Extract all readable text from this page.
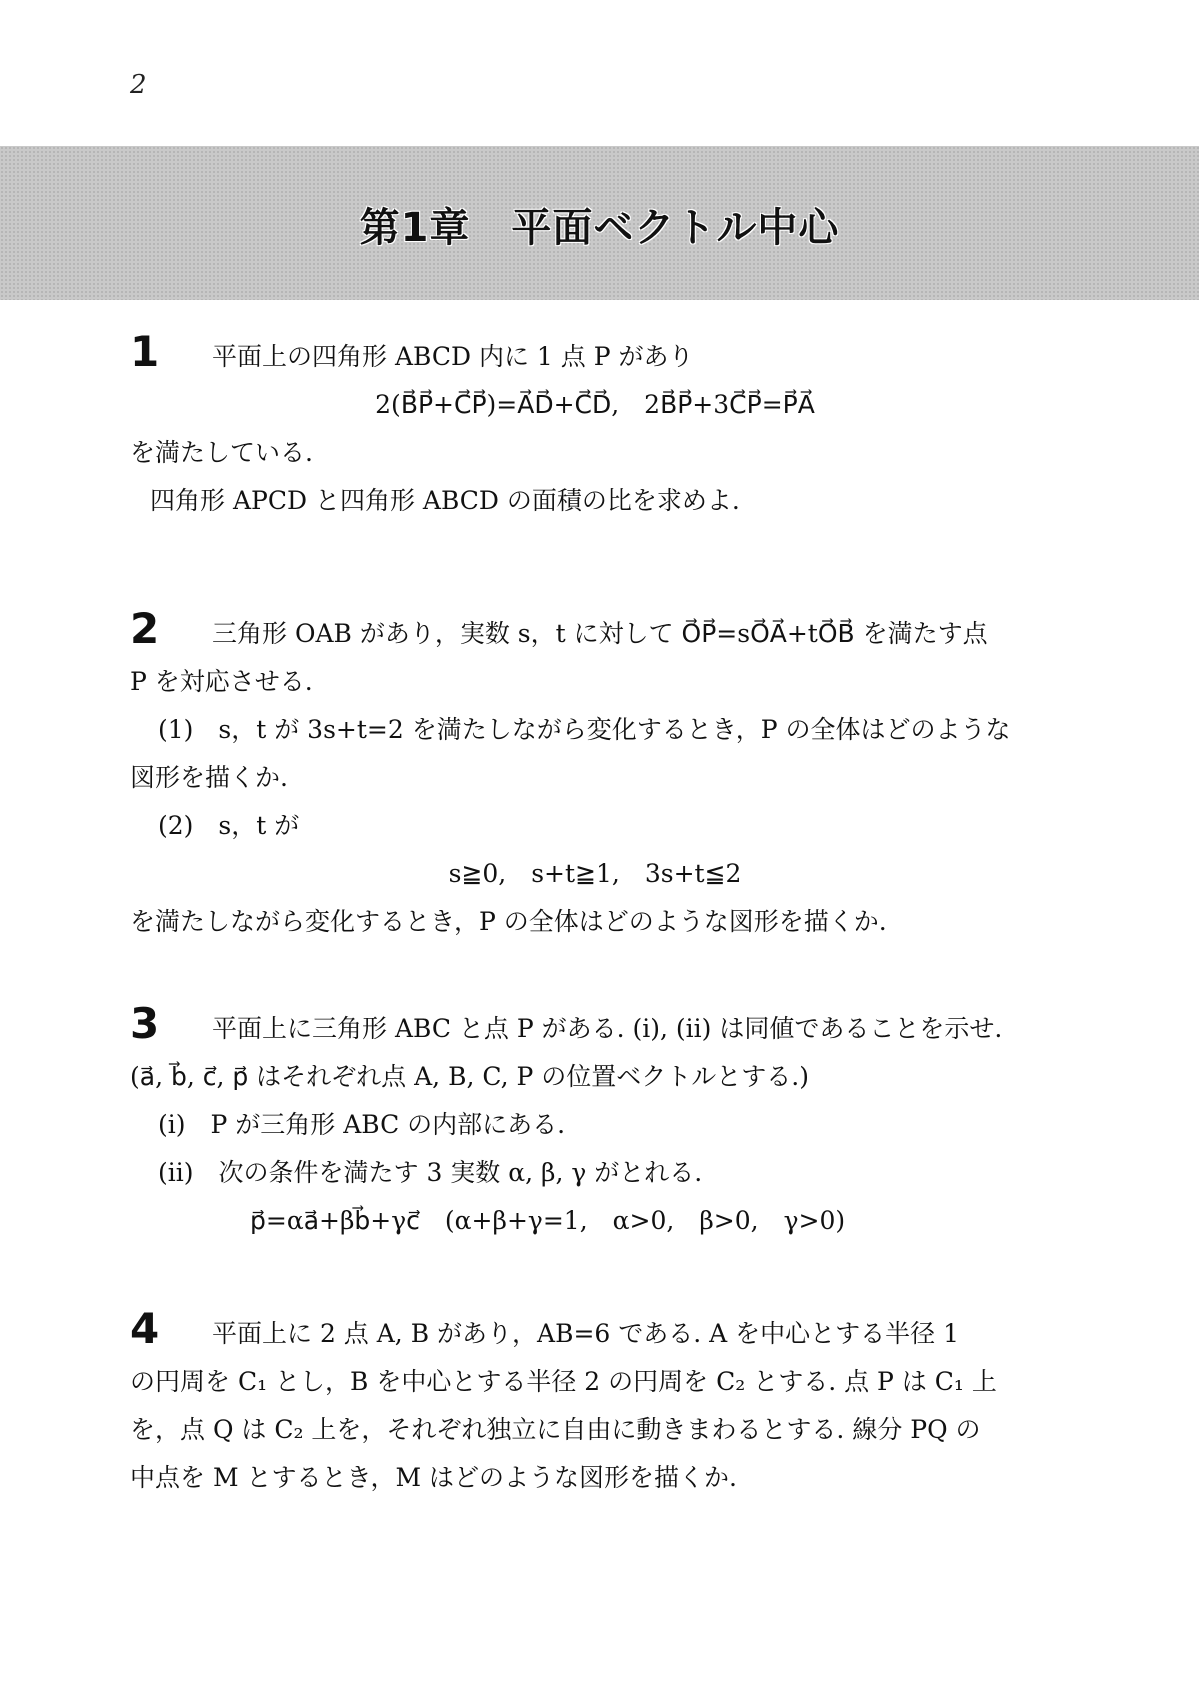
2
第1章　平面ベクトル中心
1	平面上の四角形 ABCD 内に 1 点 P があり
2(B⃗P⃗+C⃗P⃗)=A⃗D⃗+C⃗D⃗,　2B⃗P⃗+3C⃗P⃗=P⃗A⃗
を満たしている.
四角形 APCD と四角形 ABCD の面積の比を求めよ.
2	三角形 OAB があり，実数 s，t に対して O⃗P⃗=sO⃗A⃗+tO⃗B⃗ を満たす点
P を対応させる.
(1)　s，t が 3s+t=2 を満たしながら変化するとき，P の全体はどのような
図形を描くか.
(2)　s，t が
s≧0,　s+t≧1,　3s+t≦2
を満たしながら変化するとき，P の全体はどのような図形を描くか.
3	平面上に三角形 ABC と点 P がある. (i), (ii) は同値であることを示せ.
(a⃗, b⃗, c⃗, p⃗ はそれぞれ点 A, B, C, P の位置ベクトルとする.)
(i)　P が三角形 ABC の内部にある.
(ii)　次の条件を満たす 3 実数 α, β, γ がとれる.
p⃗=αa⃗+βb⃗+γc⃗　(α+β+γ=1,　α>0,　β>0,　γ>0)
4	平面上に 2 点 A, B があり，AB=6 である. A を中心とする半径 1
の円周を C₁ とし，B を中心とする半径 2 の円周を C₂ とする. 点 P は C₁ 上
を，点 Q は C₂ 上を，それぞれ独立に自由に動きまわるとする. 線分 PQ の
中点を M とするとき，M はどのような図形を描くか.
